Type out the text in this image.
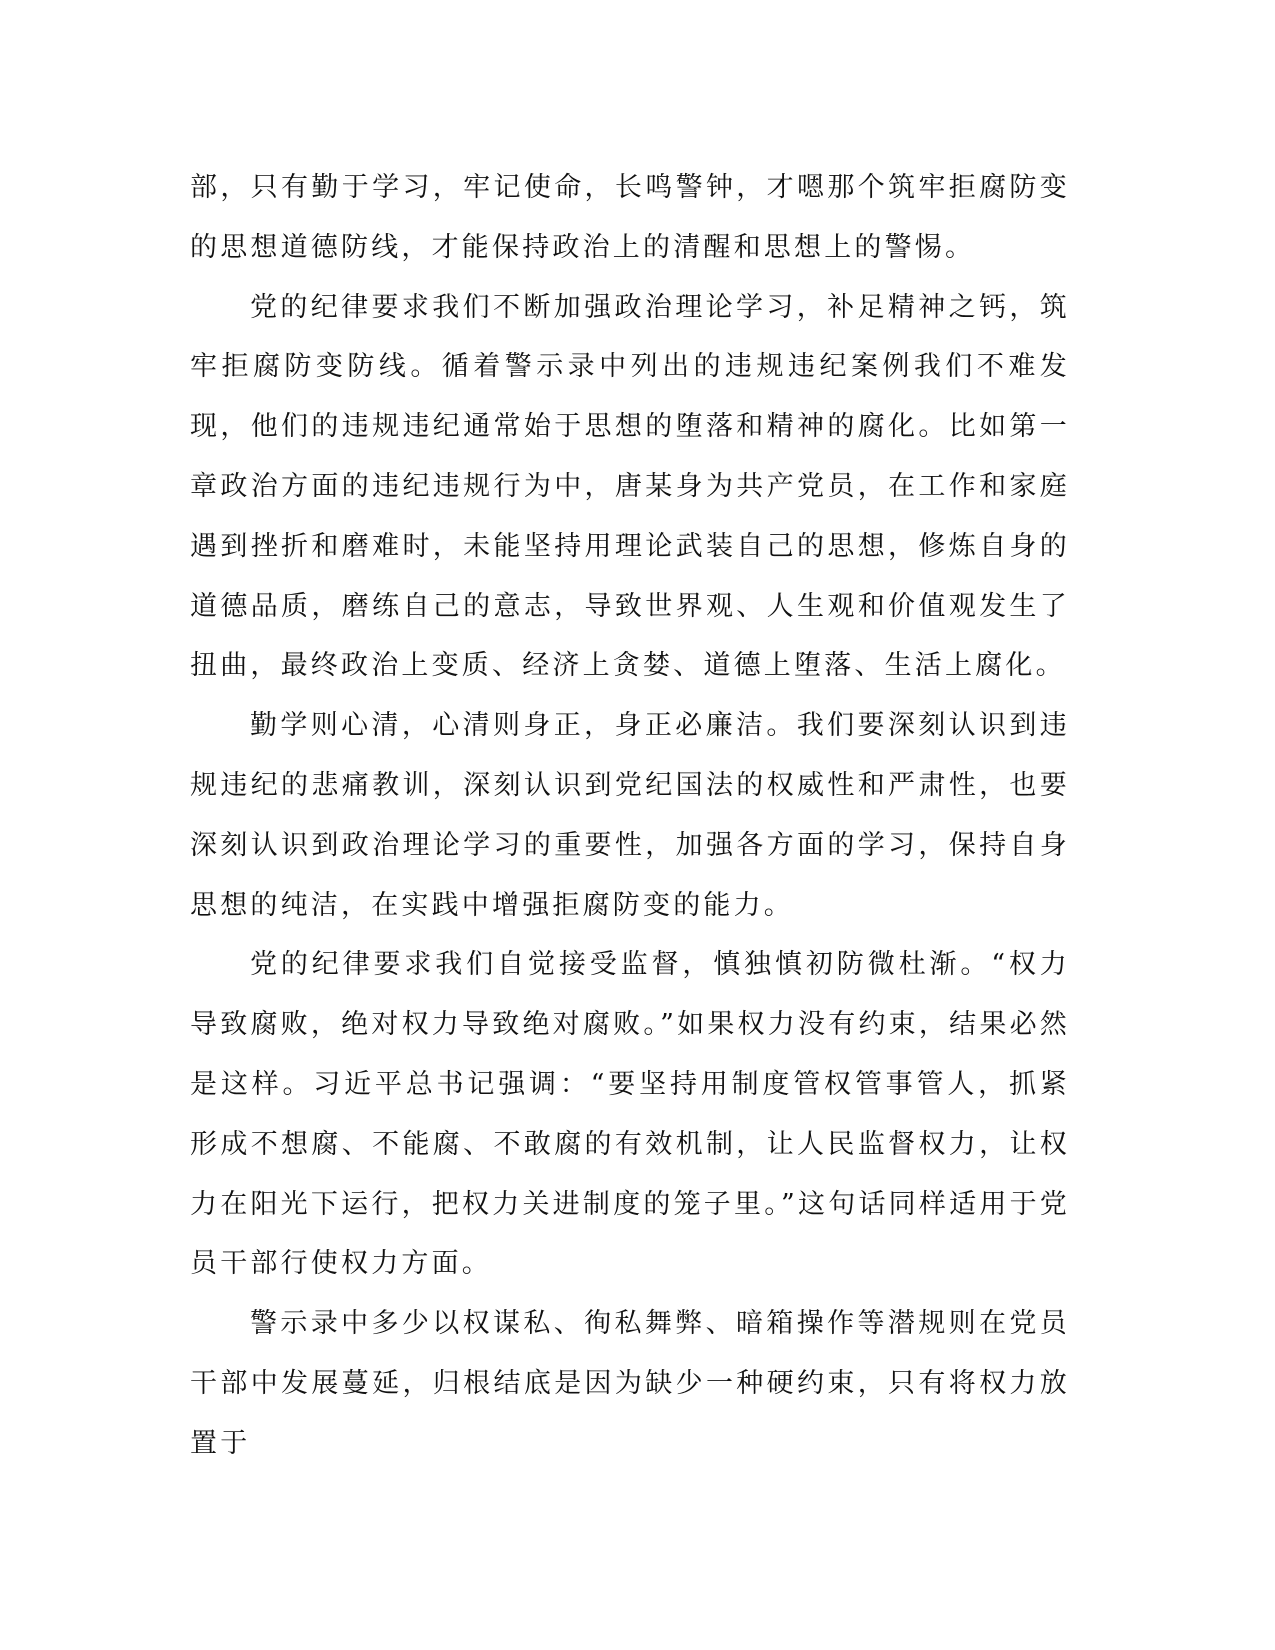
部，只有勤于学习，牢记使命，长鸣警钟，才嗯那个筑牢拒腐防变的思想道德防线，才能保持政治上的清醒和思想上的警惕。

党的纪律要求我们不断加强政治理论学习，补足精神之钙，筑牢拒腐防变防线。循着警示录中列出的违规违纪案例我们不难发现，他们的违规违纪通常始于思想的堕落和精神的腐化。比如第一章政治方面的违纪违规行为中，唐某身为共产党员，在工作和家庭遇到挫折和磨难时，未能坚持用理论武装自己的思想，修炼自身的道德品质，磨练自己的意志，导致世界观、人生观和价值观发生了扭曲，最终政治上变质、经济上贪婪、道德上堕落、生活上腐化。

勤学则心清，心清则身正，身正必廉洁。我们要深刻认识到违规违纪的悲痛教训，深刻认识到党纪国法的权威性和严肃性，也要深刻认识到政治理论学习的重要性，加强各方面的学习，保持自身思想的纯洁，在实践中增强拒腐防变的能力。

党的纪律要求我们自觉接受监督，慎独慎初防微杜渐。“权力导致腐败，绝对权力导致绝对腐败。”如果权力没有约束，结果必然是这样。习近平总书记强调：“要坚持用制度管权管事管人，抓紧形成不想腐、不能腐、不敢腐的有效机制，让人民监督权力，让权力在阳光下运行，把权力关进制度的笼子里。”这句话同样适用于党员干部行使权力方面。

警示录中多少以权谋私、徇私舞弊、暗箱操作等潜规则在党员干部中发展蔓延，归根结底是因为缺少一种硬约束，只有将权力放置于
